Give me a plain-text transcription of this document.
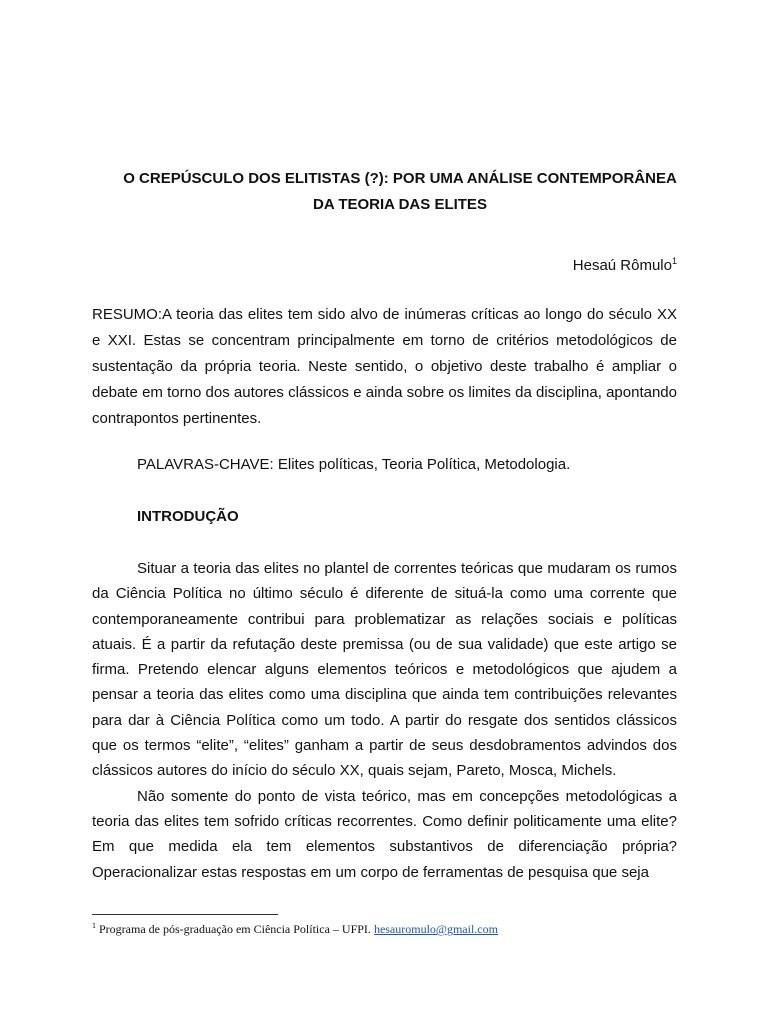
O CREPÚSCULO DOS ELITISTAS (?): POR UMA ANÁLISE CONTEMPORÂNEA
DA TEORIA DAS ELITES

Hesaú Rômulo$^1$

RESUMO:A teoria das elites tem sido alvo de inúmeras críticas ao longo do século XX e XXI. Estas se concentram principalmente em torno de critérios metodológicos de sustentação da própria teoria. Neste sentido, o objetivo deste trabalho é ampliar o debate em torno dos autores clássicos e ainda sobre os limites da disciplina, apontando contrapontos pertinentes.

PALAVRAS-CHAVE: Elites políticas, Teoria Política, Metodologia.

INTRODUÇÃO

Situar a teoria das elites no plantel de correntes teóricas que mudaram os rumos da Ciência Política no último século é diferente de situá-la como uma corrente que contemporaneamente contribui para problematizar as relações sociais e políticas atuais. É a partir da refutação deste premissa (ou de sua validade) que este artigo se firma. Pretendo elencar alguns elementos teóricos e metodológicos que ajudem a pensar a teoria das elites como uma disciplina que ainda tem contribuições relevantes para dar à Ciência Política como um todo. A partir do resgate dos sentidos clássicos que os termos “elite”, “elites” ganham a partir de seus desdobramentos advindos dos clássicos autores do início do século XX, quais sejam, Pareto, Mosca, Michels.

Não somente do ponto de vista teórico, mas em concepções metodológicas a teoria das elites tem sofrido críticas recorrentes. Como definir politicamente uma elite? Em que medida ela tem elementos substantivos de diferenciação própria? Operacionalizar estas respostas em um corpo de ferramentas de pesquisa que seja

$^1$ Programa de pós-graduação em Ciência Política – UFPI. hesauromulo@gmail.com
